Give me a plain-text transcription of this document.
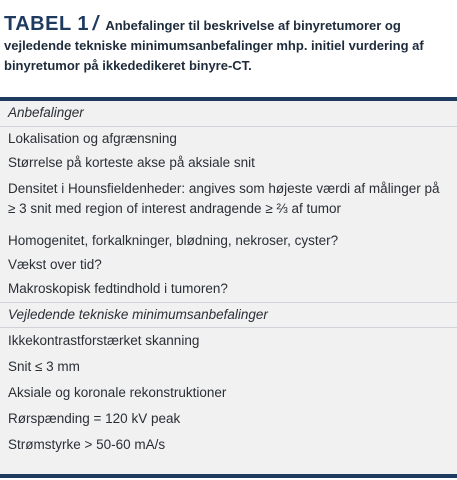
TABEL 1 / Anbefalinger til beskrivelse af binyretumorer og vejledende tekniske minimumsanbefalinger mhp. initiel vurdering af binyretumor på ikkededikeret binyre-CT.
Anbefalinger
Lokalisation og afgrænsning
Størrelse på korteste akse på aksiale snit
Densitet i Hounsfieldenheder: angives som højeste værdi af målinger på ≥ 3 snit med region of interest andragende ≥ ⅔ af tumor
Homogenitet, forkalkninger, blødning, nekroser, cyster?
Vækst over tid?
Makroskopisk fedtindhold i tumoren?
Vejledende tekniske minimumsanbefalinger
Ikkekontrastforstærket skanning
Snit ≤ 3 mm
Aksiale og koronale rekonstruktioner
Rørspænding = 120 kV peak
Strømstyrke > 50-60 mA/s
